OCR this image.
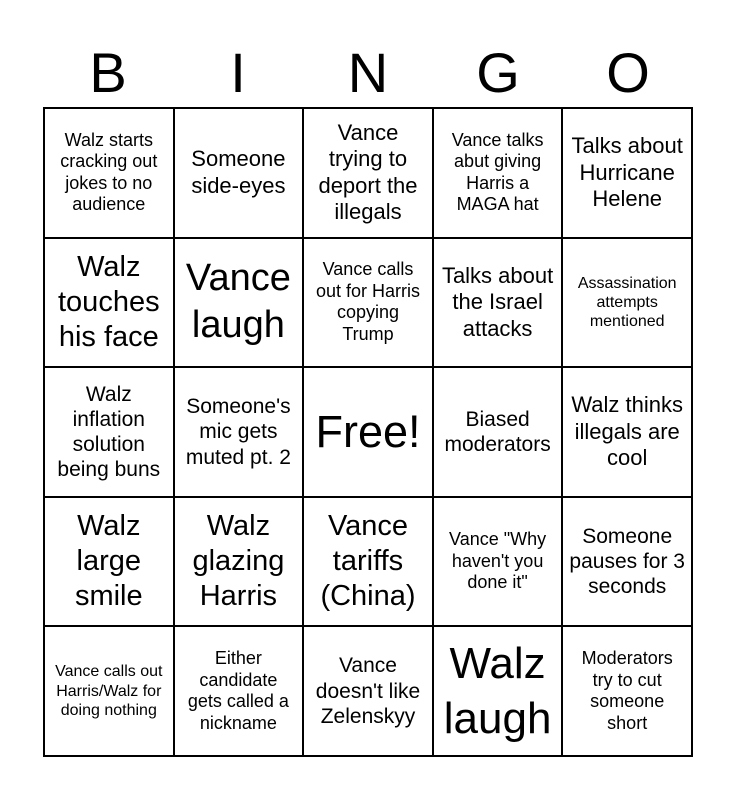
B	I	N	G	O
Walz starts cracking out jokes to no audience
Someone side-eyes
Vance trying to deport the illegals
Vance talks abut giving Harris a MAGA hat
Talks about Hurricane Helene
Walz touches his face
Vance laugh
Vance calls out for Harris copying Trump
Talks about the Israel attacks
Assassination attempts mentioned
Walz inflation solution being buns
Someone's mic gets muted pt. 2
Free!	Biased moderators
Walz thinks illegals are cool
Walz large smile
Walz glazing Harris
Vance tariffs (China)
Vance "Why haven't you done it"
Someone pauses for 3 seconds
Vance calls out Harris/Walz for doing nothing
Either candidate gets called a nickname
Vance doesn't like Zelenskyy
Walz laugh
Moderators try to cut someone short
